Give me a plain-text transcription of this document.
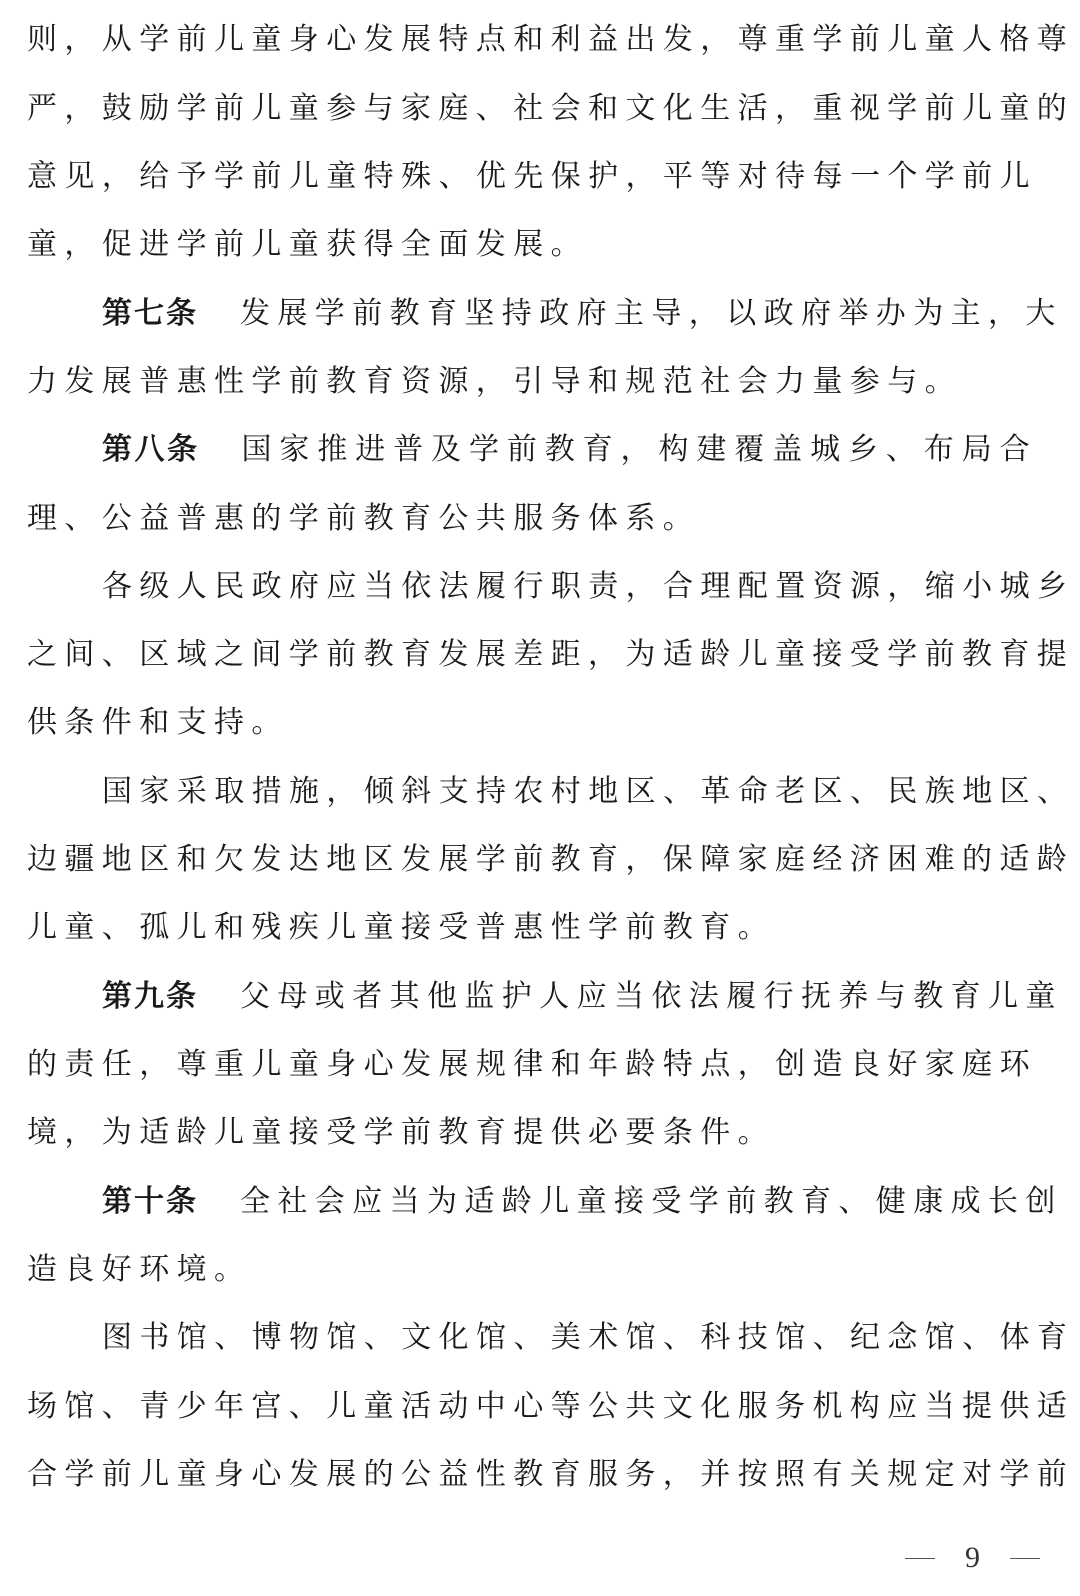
则，从学前儿童身心发展特点和利益出发，尊重学前儿童人格尊
严，鼓励学前儿童参与家庭、社会和文化生活，重视学前儿童的
意见，给予学前儿童特殊、优先保护，平等对待每一个学前儿
童，促进学前儿童获得全面发展。
第七条 发展学前教育坚持政府主导，以政府举办为主，大
力发展普惠性学前教育资源，引导和规范社会力量参与。
第八条 国家推进普及学前教育，构建覆盖城乡、布局合
理、公益普惠的学前教育公共服务体系。
各级人民政府应当依法履行职责，合理配置资源，缩小城乡
之间、区域之间学前教育发展差距，为适龄儿童接受学前教育提
供条件和支持。
国家采取措施，倾斜支持农村地区、革命老区、民族地区、
边疆地区和欠发达地区发展学前教育，保障家庭经济困难的适龄
儿童、孤儿和残疾儿童接受普惠性学前教育。
第九条 父母或者其他监护人应当依法履行抚养与教育儿童
的责任，尊重儿童身心发展规律和年龄特点，创造良好家庭环
境，为适龄儿童接受学前教育提供必要条件。
第十条 全社会应当为适龄儿童接受学前教育、健康成长创
造良好环境。
图书馆、博物馆、文化馆、美术馆、科技馆、纪念馆、体育
场馆、青少年宫、儿童活动中心等公共文化服务机构应当提供适
合学前儿童身心发展的公益性教育服务，并按照有关规定对学前
9
